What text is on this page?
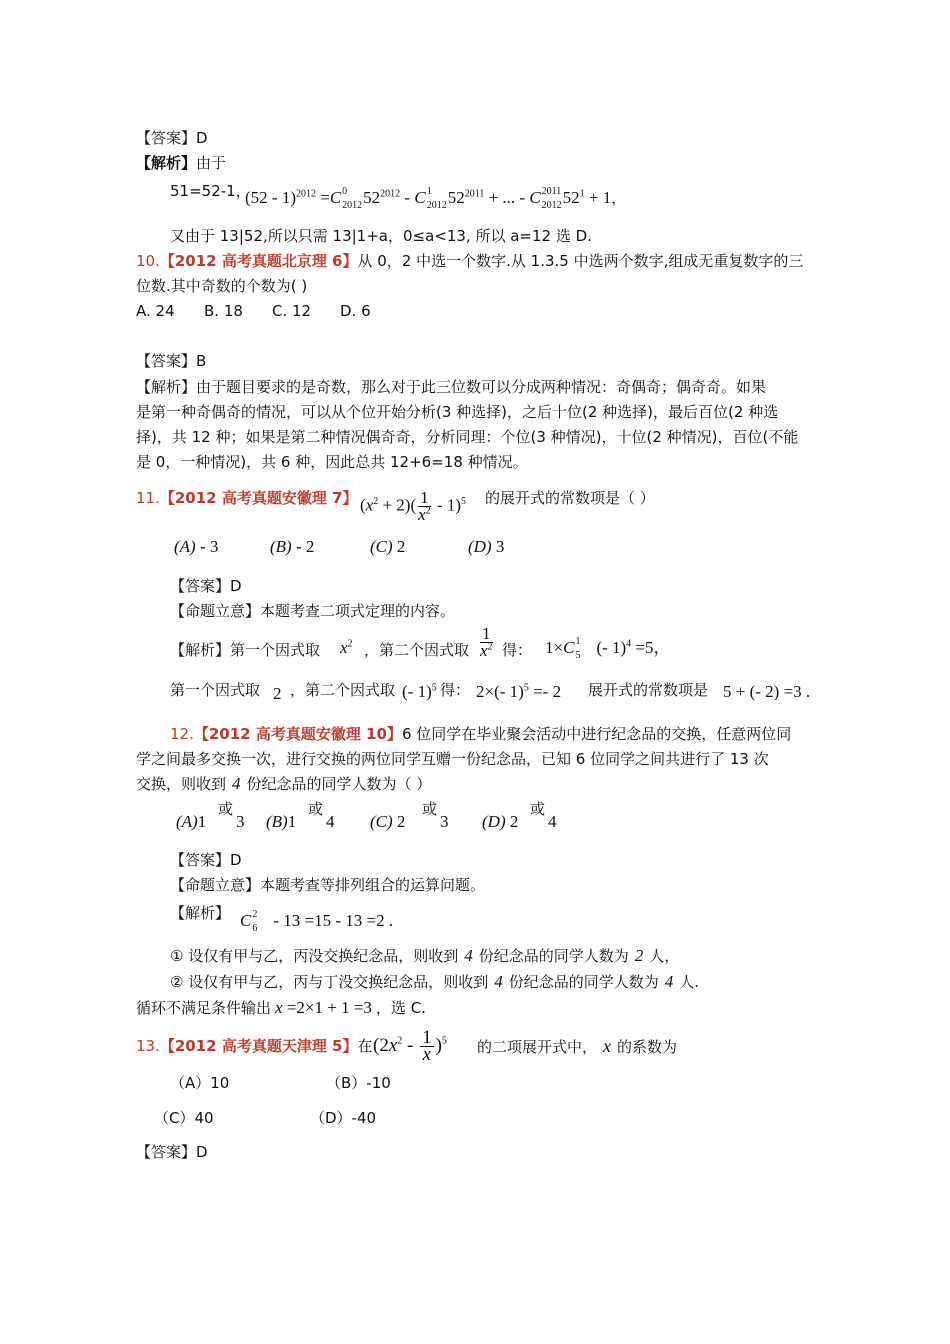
【答案】D
【解析】由于
51=52-1，
(52 - 1)$^{2012}$ =C 0
2012 $52^{2012}$ - C 1
2012 $52^{2011}$ + ... - C 2011
2012 $52^1 + 1$，
又由于 13|52,所以只需 13|1+a，0≤a<13, 所以 a=12 选 D.
10.【2012 高考真题北京理 6】从 0，2 中选一个数字.从 1.3.5 中选两个数字,组成无重复数字的三
位数.其中奇数的个数为( )
A. 24 B. 18 C. 12 D. 6
【答案】B
【解析】由于题目要求的是奇数，那么对于此三位数可以分成两种情况：奇偶奇；偶奇奇。如果
是第一种奇偶奇的情况，可以从个位开始分析(3 种选择)，之后十位(2 种选择)，最后百位(2 种选
择)，共 12 种；如果是第二种情况偶奇奇，分析同理：个位(3 种情况)，十位(2 种情况)，百位(不能
是 0，一种情况)，共 6 种，因此总共 12+6=18 种情况。
11.【2012 高考真题安徽理 7】 $(x^2 + 2)( \frac{1}{x^2} - 1)^5$ 的展开式的常数项是（ ）
(A) - 3	(B) - 2	(C) 2	(D) 3
【答案】D
【命题立意】本题考查二项式定理的内容。
【解析】第一个因式取 $x^2$ ，第二个因式取 $\frac{1}{x^2}$ 得： 1×C 1
5 (- 1)$^4$ =5，
第一个因式取 2 ，第二个因式取 (- 1)$^5$ 得： 2×(- 1)$^5$ =- 2 展开式的常数项是 5 + (- 2) =3 .
12.【2012 高考真题安徽理 10】6 位同学在毕业聚会活动中进行纪念品的交换，任意两位同
学之间最多交换一次，进行交换的两位同学互赠一份纪念品，已知 6 位同学之间共进行了 13 次
交换，则收到 4 份纪念品的同学人数为（ ）
(A)1
或
3 (B)1
或
4 (C) 2
或
3 (D) 2
或
4
【答案】D
【命题立意】本题考查等排列组合的运算问题。
【解析】 C 2
6 - 13 =15 - 13 =2 .
① 设仅有甲与乙，丙没交换纪念品，则收到 4 份纪念品的同学人数为 2 人，
② 设仅有甲与乙，丙与丁没交换纪念品，则收到 4 份纪念品的同学人数为 4 人.
循环不满足条件输出 x =2×1 + 1 =3 ，选 C.
13.【2012 高考真题天津理 5】在 $(2x^2 - \frac{1}{x} )^5$ 的二项展开式中， x 的系数为
（A）10	（B）-10
（C）40	（D）-40
【答案】D
